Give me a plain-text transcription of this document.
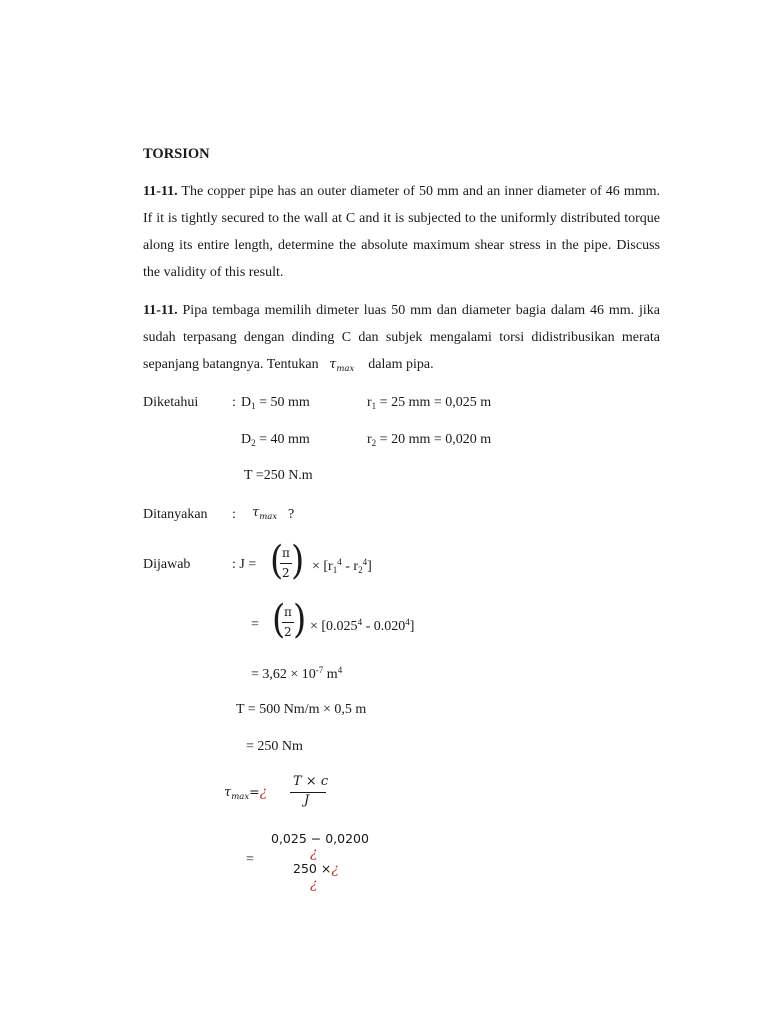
TORSION
11-11. The copper pipe has an outer diameter of 50 mm and an inner diameter of 46 mmm. If it is tightly secured to the wall at C and it is subjected to the uniformly distributed torque along its entire length, determine the absolute maximum shear stress in the pipe. Discuss the validity of this result.
11-11. Pipa tembaga memilih dimeter luas 50 mm dan diameter bagia dalam 46 mm. jika sudah terpasang dengan dinding C dan subjek mengalami torsi didistribusikan merata sepanjang batangnya. Tentukan $\tau_{max}$ dalam pipa.
Diketahui : $D_1 = 50$ mm	$r_1 = 25$ mm = 0,025 m
$D_2 = 40$ mm	$r_2 = 20$ mm = 0,020 m
T =250 N.m
Ditanyakan : $\tau_{max}$ ?
Dijawab	: J = (
π
2 ) × $[r_1^4 - r_2^4]$
= (
π
2 ) × $[0.025^4 - 0.020^4]$
= $3,62 \times 10^{-7}$ $m^4$
T = 500 Nm/m × 0,5 m
= 250 Nm
$\tau_{max}=¿$
T × c
J
=
0,025 − 0,0200
¿
250 ×¿
¿
